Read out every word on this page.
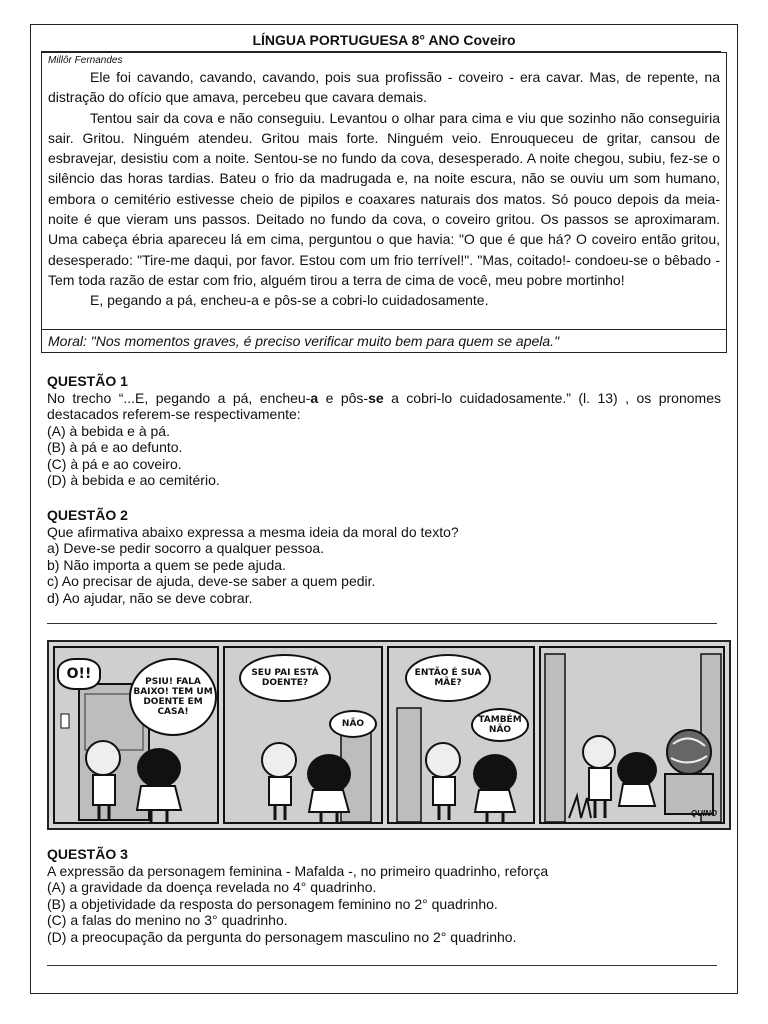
LÍNGUA PORTUGUESA 8° ANO Coveiro
Millôr Fernandes

Ele foi cavando, cavando, cavando, pois sua profissão - coveiro - era cavar. Mas, de repente, na distração do ofício que amava, percebeu que cavara demais.

Tentou sair da cova e não conseguiu. Levantou o olhar para cima e viu que sozinho não conseguiria sair. Gritou. Ninguém atendeu. Gritou mais forte. Ninguém veio. Enrouqueceu de gritar, cansou de esbravejar, desistiu com a noite. Sentou-se no fundo da cova, desesperado. A noite chegou, subiu, fez-se o silêncio das horas tardias. Bateu o frio da madrugada e, na noite escura, não se ouviu um som humano, embora o cemitério estivesse cheio de pipilos e coaxares naturais dos matos. Só pouco depois da meia-noite é que vieram uns passos. Deitado no fundo da cova, o coveiro gritou. Os passos se aproximaram. Uma cabeça ébria apareceu lá em cima, perguntou o que havia: "O que é que há? O coveiro então gritou, desesperado: "Tire-me daqui, por favor. Estou com um frio terrível!". "Mas, coitado!- condoeu-se o bêbado - Tem toda razão de estar com frio, alguém tirou a terra de cima de você, meu pobre mortinho!

E, pegando a pá, encheu-a e pôs-se a cobri-lo cuidadosamente.

Moral: "Nos momentos graves, é preciso verificar muito bem para quem se apela."
QUESTÃO 1
No trecho “...E, pegando a pá, encheu-a e pôs-se a cobri-lo cuidadosamente.” (l. 13) , os pronomes destacados referem-se respectivamente:
(A) à bebida e à pá.
(B) à pá e ao defunto.
(C) à pá e ao coveiro.
(D) à bebida e ao cemitério.
QUESTÃO 2
Que afirmativa abaixo expressa a mesma ideia da moral do texto?
a) Deve-se pedir socorro a qualquer pessoa.
b) Não importa a quem se pede ajuda.
c) Ao precisar de ajuda, deve-se saber a quem pedir.
d) Ao ajudar, não se deve cobrar.
O!!	PSIU! FALA BAIXO! TEM UM DOENTE EM CASA!
SEU PAI ESTÁ DOENTE?
NÃO
ENTÃO É SUA MÃE?
TAMBÉM NÃO
QUINO
QUESTÃO 3
A expressão da personagem feminina - Mafalda -, no primeiro quadrinho, reforça
(A) a gravidade da doença revelada no 4° quadrinho.
(B) a objetividade da resposta do personagem feminino no 2° quadrinho.
(C) a falas do menino no 3° quadrinho.
(D) a preocupação da pergunta do personagem masculino no 2° quadrinho.
